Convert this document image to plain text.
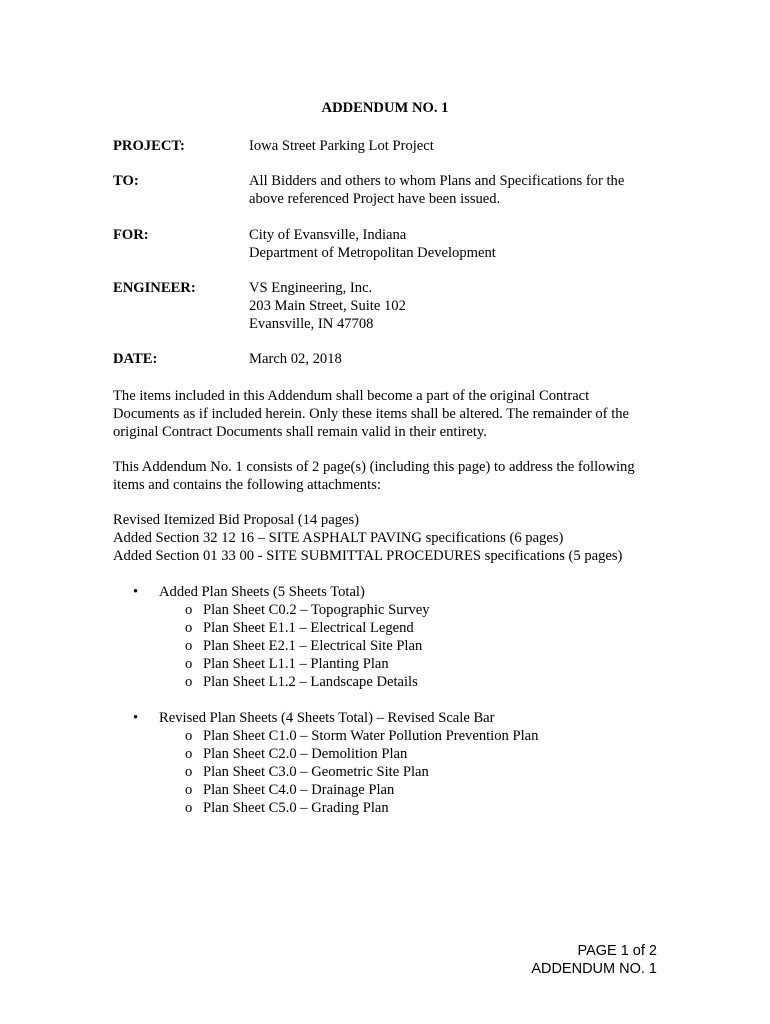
ADDENDUM NO. 1
PROJECT:	Iowa Street Parking Lot Project
TO:	All Bidders and others to whom Plans and Specifications for the
above referenced Project have been issued.
FOR:	City of Evansville, Indiana
Department of Metropolitan Development
ENGINEER:	VS Engineering, Inc.
203 Main Street, Suite 102
Evansville, IN 47708
DATE:	March 02, 2018
The items included in this Addendum shall become a part of the original Contract
Documents as if included herein. Only these items shall be altered. The remainder of the
original Contract Documents shall remain valid in their entirety.
This Addendum No. 1 consists of 2 page(s) (including this page) to address the following
items and contains the following attachments:
Revised Itemized Bid Proposal (14 pages)
Added Section 32 12 16 – SITE ASPHALT PAVING specifications (6 pages)
Added Section 01 33 00 - SITE SUBMITTAL PROCEDURES specifications (5 pages)
• Added Plan Sheets (5 Sheets Total)
o Plan Sheet C0.2 – Topographic Survey
o Plan Sheet E1.1 – Electrical Legend
o Plan Sheet E2.1 – Electrical Site Plan
o Plan Sheet L1.1 – Planting Plan
o Plan Sheet L1.2 – Landscape Details
• Revised Plan Sheets (4 Sheets Total) – Revised Scale Bar
o Plan Sheet C1.0 – Storm Water Pollution Prevention Plan
o Plan Sheet C2.0 – Demolition Plan
o Plan Sheet C3.0 – Geometric Site Plan
o Plan Sheet C4.0 – Drainage Plan
o Plan Sheet C5.0 – Grading Plan
PAGE 1 of 2
ADDENDUM NO. 1
